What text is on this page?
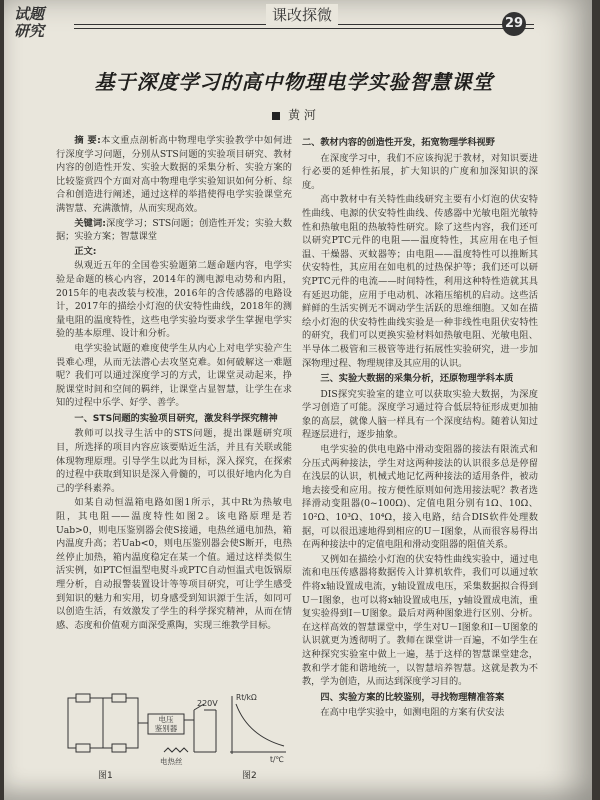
试题
研究
课改探微	29
基于深度学习的高中物理电学实验智慧课堂
黄 河

摘 要:本文重点剖析高中物理电学实验教学中如何进行深度学习问题，分别从STS问题的实验项目研究、教材内容的创造性开发、实验大数据的采集分析、实验方案的比较鉴赏四个方面对高中物理电学实验知识如何分析、综合和创造进行阐述，通过这样的举措使得电学实验课堂充满智慧、充满激情，从而实现高效。

关键词:深度学习；STS问题；创造性开发；实验大数据；实验方案；智慧课堂

正文:

纵观近五年的全国卷实验题第二题命题内容，电学实验是命题的核心内容，2014年的测电源电动势和内阻，2015年的电表改装与校准，2016年的含传感器的电路设计，2017年的描绘小灯泡的伏安特性曲线，2018年的测量电阻的温度特性，这些电学实验均要求学生掌握电学实验的基本原理、设计和分析。

电学实验试题的难度使学生从内心上对电学实验产生畏难心理，从而无法潜心去攻坚克难。如何破解这一难题呢？我们可以通过深度学习的方式，让课堂灵动起来，挣脱课堂时间和空间的羁绊，让课堂占显智慧，让学生在求知的过程中乐学、好学、善学。

一、STS问题的实验项目研究，激发科学探究精神

教师可以找寻生活中的STS问题，提出课题研究项目，所选择的项目内容应该要贴近生活，并且有关联或能体现物理原理。引导学生以此为目标，深入探究，在探索的过程中获取到知识是深入骨髓的，可以很好地内化为自己的学科素养。

如某自动恒温箱电路如图1所示，其中Rt为热敏电阻，其电阻——温度特性如图2。该电路原理是若Uab>0，则电压鉴别器会使S接通，电热丝通电加热，箱内温度升高；若Uab<0，则电压鉴别器会使S断开，电热丝停止加热，箱内温度稳定在某一个值。通过这样类似生活实例，如PTC恒温型电熨斗或PTC自动恒温式电饭锅原理分析，自动报警装置设计等等项目研究，可让学生感受到知识的魅力和实用，切身感受到知识源于生活，如同可以创造生活，有效激发了学生的科学探究精神，从而在情感、态度和价值观方面深受熏陶，实现三维教学目标。

220V
电压
鉴别器
电热丝
Rt/kΩ
t/℃
图1	图2

二、教材内容的创造性开发，拓宽物理学科视野

在深度学习中，我们不应该拘泥于教材，对知识要进行必要的延伸性拓展，扩大知识的广度和加深知识的深度。

高中教材中有关特性曲线研究主要有小灯泡的伏安特性曲线、电源的伏安特性曲线、传感器中光敏电阻光敏特性和热敏电阻的热敏特性研究。除了这些内容，我们还可以研究PTC元件的电阻——温度特性，其应用在电子恒温、干燥器、灭蚊器等；由电阻——温度特性可以推断其伏安特性，其应用在如电机的过热保护等；我们还可以研究PTC元件的电流——时间特性，利用这种特性造就其具有延迟功能，应用于电动机、冰箱压缩机的启动。这些活鲜鲜的生活实例无不调动学生活跃的思维细胞。又如在描绘小灯泡的伏安特性曲线实验是一种非线性电阻伏安特性的研究，我们可以更换实验材料如热敏电阻、光敏电阻、半导体二极管和三极管等进行拓展性实验研究，进一步加深物理过程、物理规律及其应用的认识。

三、实验大数据的采集分析，还原物理学科本质

DIS探究实验室的建立可以获取实验大数据，为深度学习创造了可能。深度学习通过符合低层特征形成更加抽象的高层，就像人脑一样具有一个深度结构。随着认知过程逐层进行，逐步抽象。

电学实验的供电电路中滑动变阻器的接法有限流式和分压式两种接法，学生对这两种接法的认识很多总是停留在浅层的认识，机械式地记忆两种接法的适用条件，被动地去接受和应用。按方便性原则如何选用接法呢？教者选择滑动变阻器(0~100Ω)、定值电阻分别有1Ω、10Ω、10²Ω、10³Ω、10⁴Ω，接入电路，结合DIS软件处理数据，可以很迅速地得到相应的U－I图象，从而很容易得出在两种接法中的定值电阻和滑动变阻器的阻值关系。

又例如在描绘小灯泡的伏安特性曲线实验中，通过电流和电压传感器将数据传入计算机软件，我们可以通过软件将x轴设置成电流，y轴设置成电压，采集数据拟合得到U－I图象，也可以将x轴设置成电压，y轴设置成电流，重复实验得到I－U图象。最后对两种图象进行区别、分析。在这样高效的智慧课堂中，学生对U－I图象和I－U图象的认识就更为透彻明了。教师在课堂讲一百遍，不如学生在这种探究实验室中做上一遍，基于这样的智慧课堂建念，教和学才能和谐地统一，以智慧培养智慧。这就是教为不教，学为创造，从而达到深度学习目的。

四、实验方案的比较鉴别，寻找物理精准答案

在高中电学实验中，如测电阻的方案有伏安法
